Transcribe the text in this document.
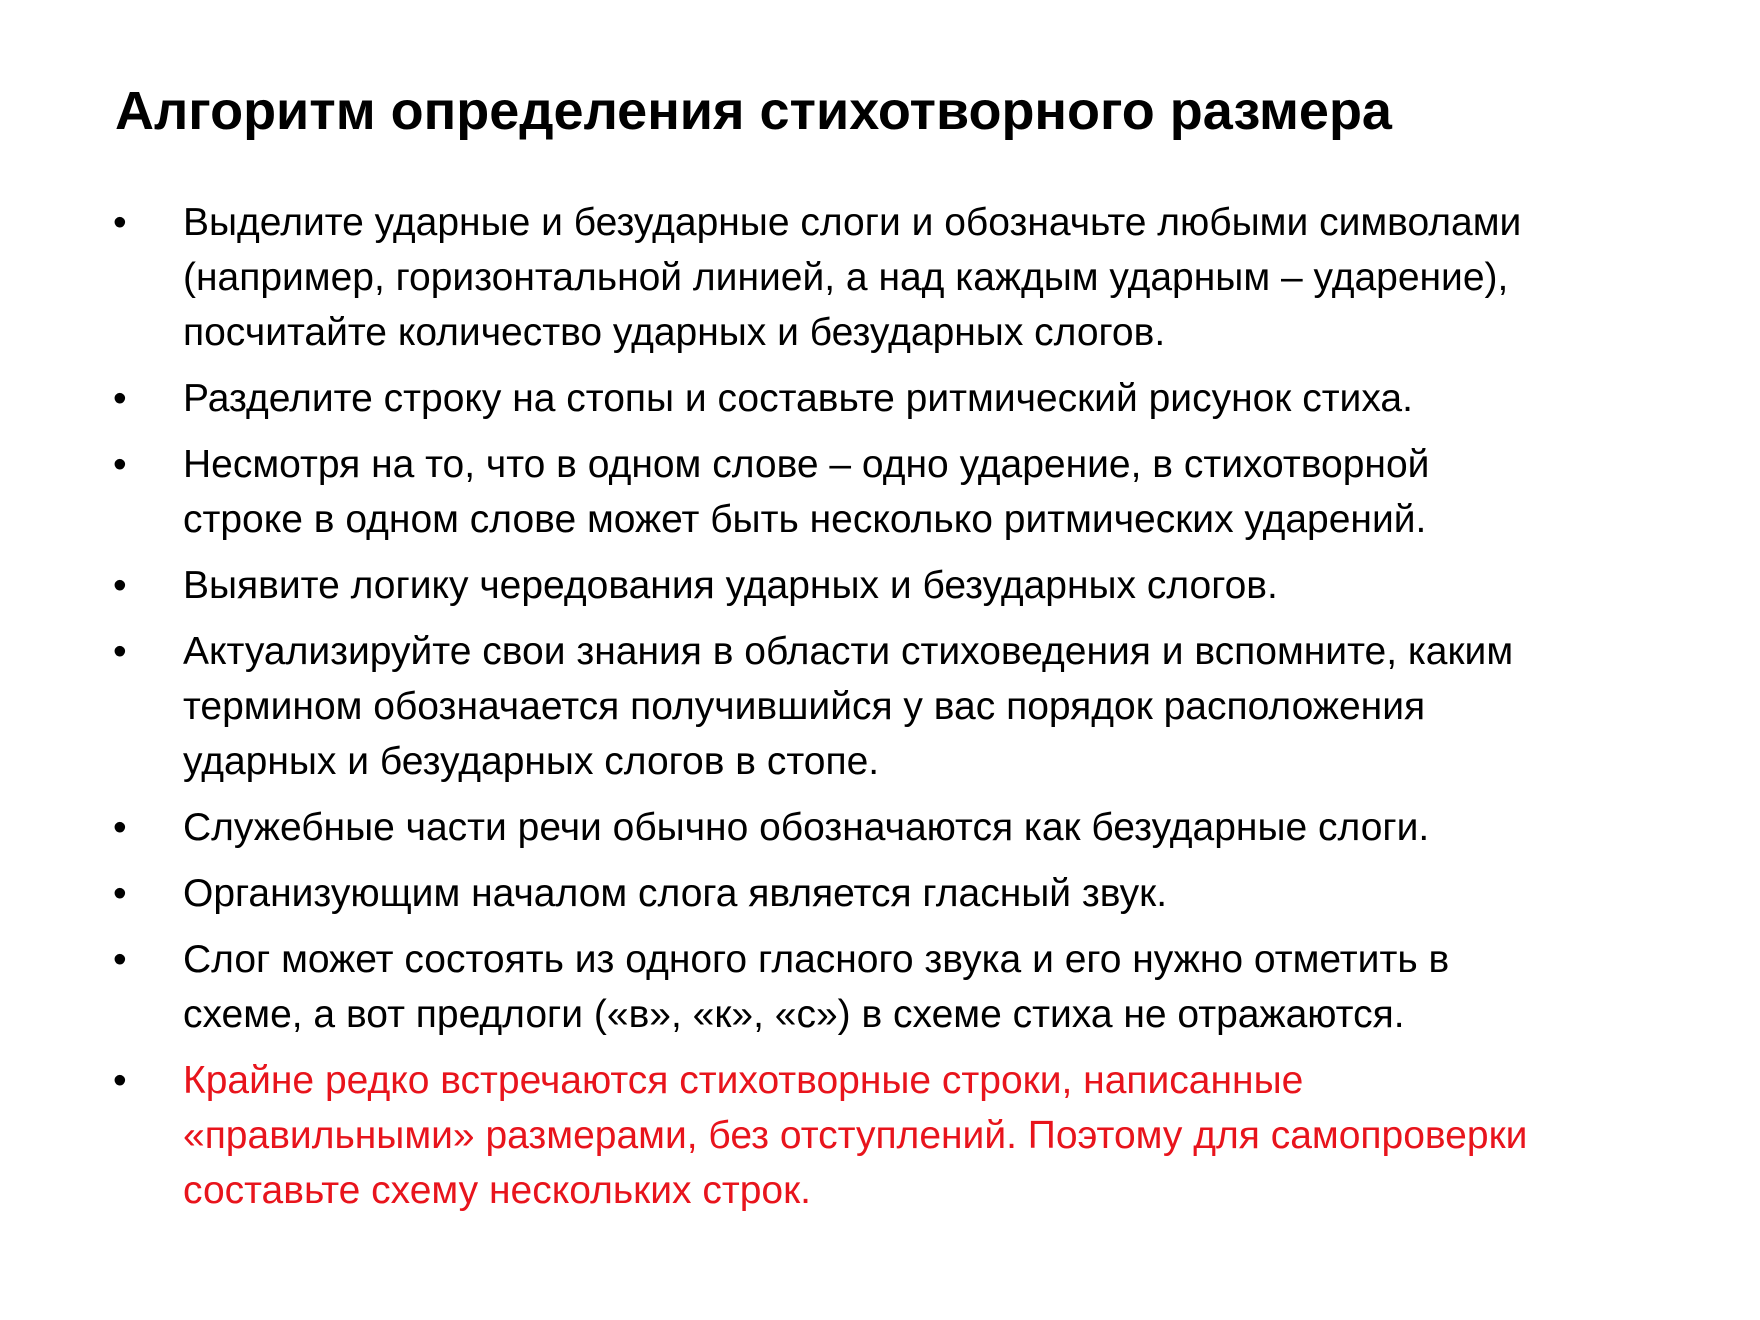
Алгоритм определения стихотворного размера
•	Выделите ударные и безударные слоги и обозначьте любыми символами
(например, горизонтальной линией, а над каждым ударным – ударение),
посчитайте количество ударных и безударных слогов.
•	Разделите строку на стопы и составьте ритмический рисунок стиха.
•	Несмотря на то, что в одном слове – одно ударение, в стихотворной
строке в одном слове может быть несколько ритмических ударений.
•	Выявите логику чередования ударных и безударных слогов.
•	Актуализируйте свои знания в области стиховедения и вспомните, каким
термином обозначается получившийся у вас порядок расположения
ударных и безударных слогов в стопе.
•	Служебные части речи обычно обозначаются как безударные слоги.
•	Организующим началом слога является гласный звук.
•	Слог может состоять из одного гласного звука и его нужно отметить в
схеме, а вот предлоги («в», «к», «с») в схеме стиха не отражаются.
•	Крайне редко встречаются стихотворные строки, написанные
«правильными» размерами, без отступлений. Поэтому для самопроверки
составьте схему нескольких строк.
